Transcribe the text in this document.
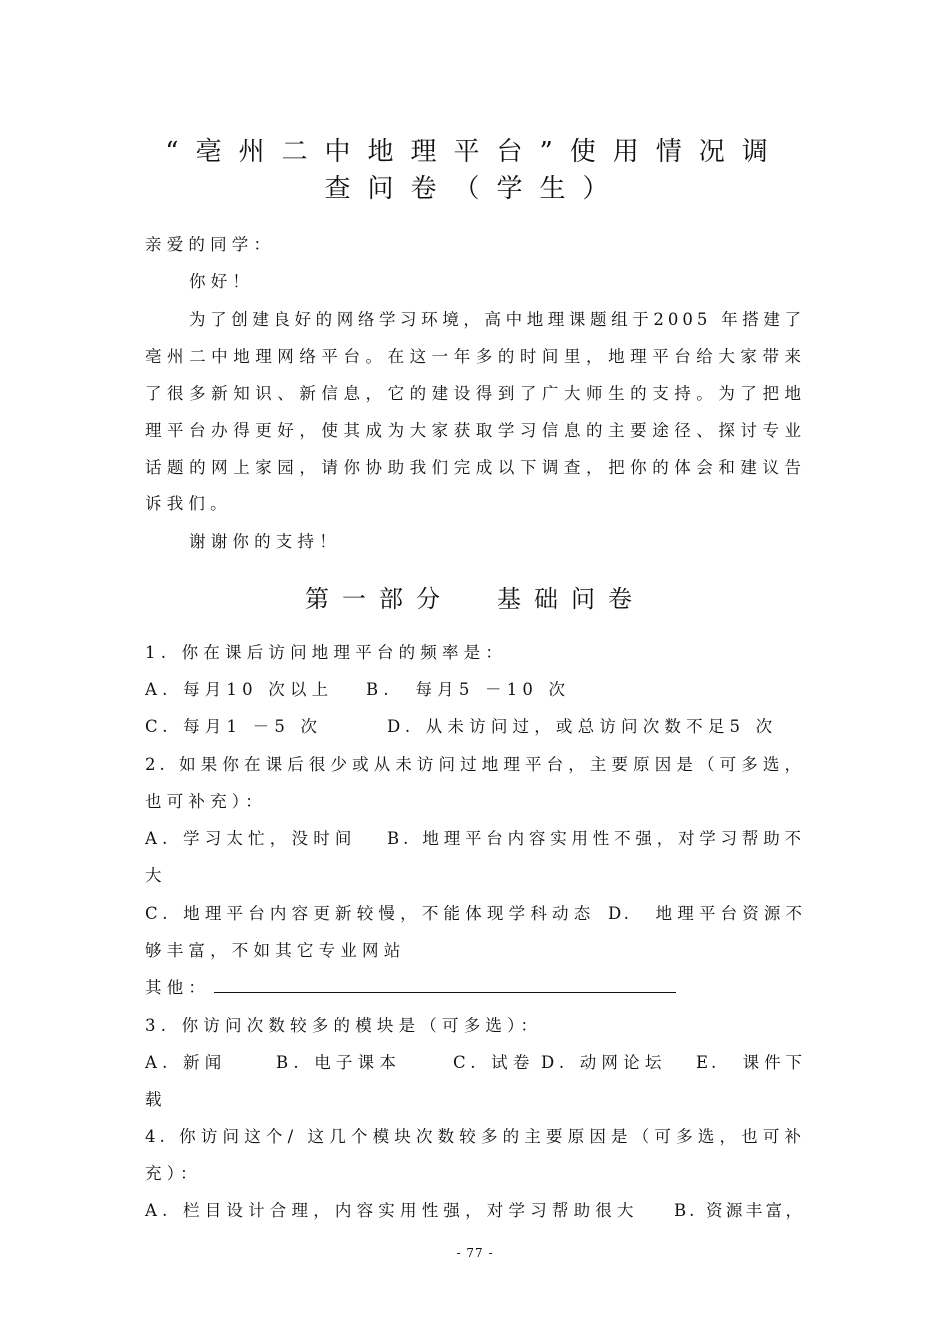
“亳州二中地理平台”使用情况调
查问卷（学生）
亲爱的同学：
你好！
为了创建良好的网络学习环境，高中地理课题组于2005 年搭建了
亳州二中地理网络平台。在这一年多的时间里，地理平台给大家带来
了很多新知识、新信息，它的建设得到了广大师生的支持。为了把地
理平台办得更好，使其成为大家获取学习信息的主要途径、探讨专业
话题的网上家园，请你协助我们完成以下调查，把你的体会和建议告
诉我们。
谢谢你的支持！
第一部分 基础问卷
1. 你在课后访问地理平台的频率是：
A. 每月10 次以上 B.　每月5 －10 次
C. 每月1 －5 次	D. 从未访问过，或总访问次数不足5 次
2. 如果你在课后很少或从未访问过地理平台，主要原因是（可多选，
也可补充）：
A. 学习太忙，没时间 B. 地理平台内容实用性不强，对学习帮助不
大
C. 地理平台内容更新较慢，不能体现学科动态 D.　地理平台资源不
够丰富，不如其它专业网站
其他：
3. 你访问次数较多的模块是（可多选）：
A. 新闻	B. 电子课本	C. 试卷 D. 动网论坛 E.　课件下
载
4. 你访问这个/ 这几个模块次数较多的主要原因是（可多选，也可补
充）：
A. 栏目设计合理，内容实用性强，对学习帮助很大 B. 资源丰富，
- 77 -
